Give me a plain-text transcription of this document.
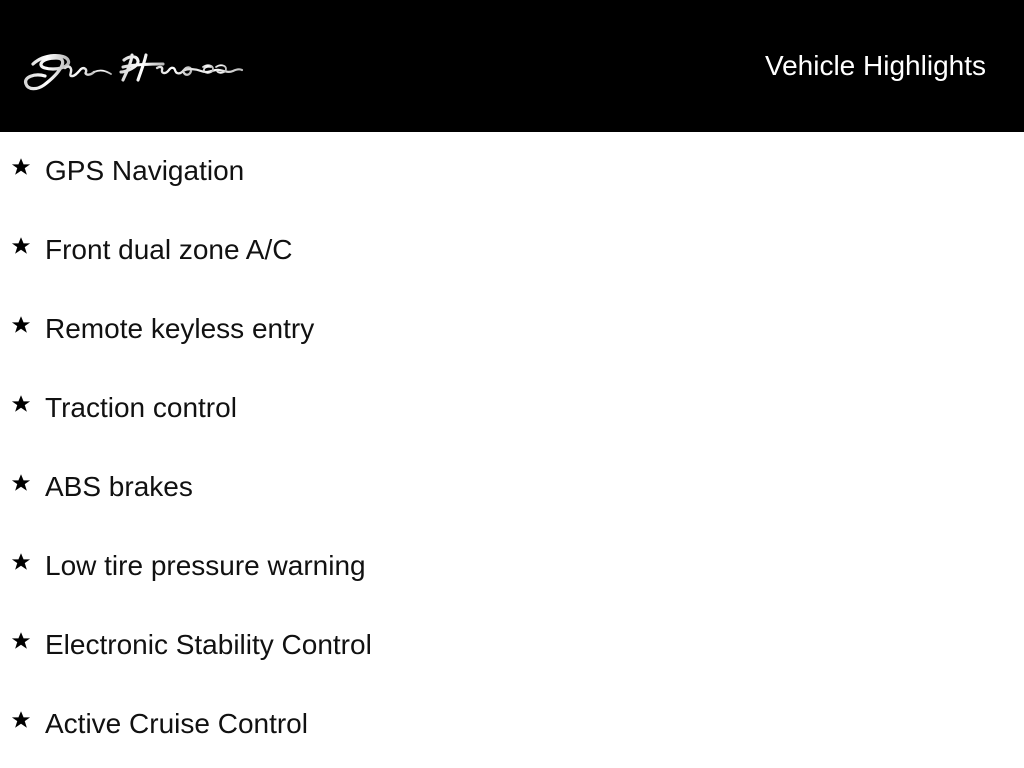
Vehicle Highlights
GPS Navigation
Front dual zone A/C
Remote keyless entry
Traction control
ABS brakes
Low tire pressure warning
Electronic Stability Control
Active Cruise Control
